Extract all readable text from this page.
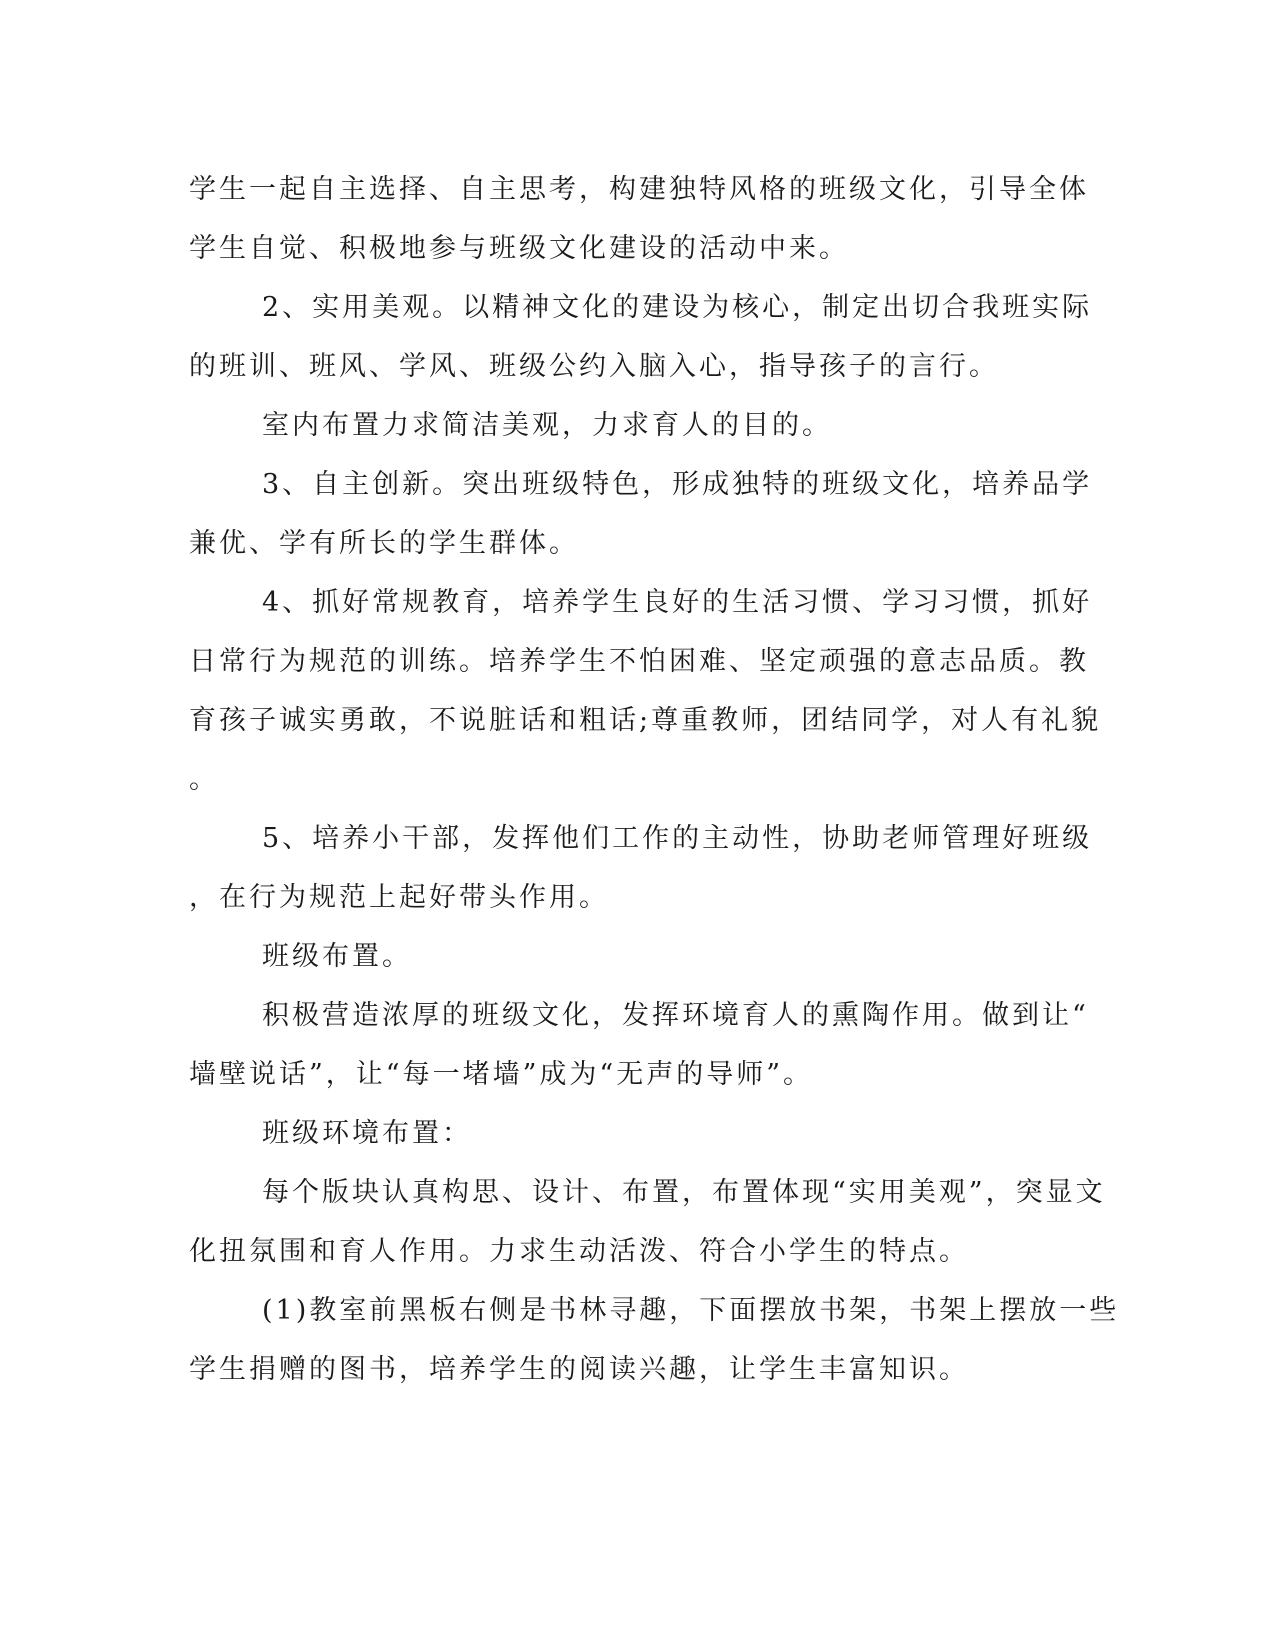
学生一起自主选择、自主思考，构建独特风格的班级文化，引导全体
学生自觉、积极地参与班级文化建设的活动中来。
2、实用美观。以精神文化的建设为核心，制定出切合我班实际
的班训、班风、学风、班级公约入脑入心，指导孩子的言行。
室内布置力求简洁美观，力求育人的目的。
3、自主创新。突出班级特色，形成独特的班级文化，培养品学
兼优、学有所长的学生群体。
4、抓好常规教育，培养学生良好的生活习惯、学习习惯，抓好
日常行为规范的训练。培养学生不怕困难、坚定顽强的意志品质。教
育孩子诚实勇敢，不说脏话和粗话;尊重教师，团结同学，对人有礼貌
。
5、培养小干部，发挥他们工作的主动性，协助老师管理好班级
，在行为规范上起好带头作用。
班级布置。
积极营造浓厚的班级文化，发挥环境育人的熏陶作用。做到让“
墙壁说话”，让“每一堵墙”成为“无声的导师”。
班级环境布置：
每个版块认真构思、设计、布置，布置体现“实用美观”，突显文
化扭氛围和育人作用。力求生动活泼、符合小学生的特点。
(1)教室前黑板右侧是书林寻趣，下面摆放书架，书架上摆放一些
学生捐赠的图书，培养学生的阅读兴趣，让学生丰富知识。
